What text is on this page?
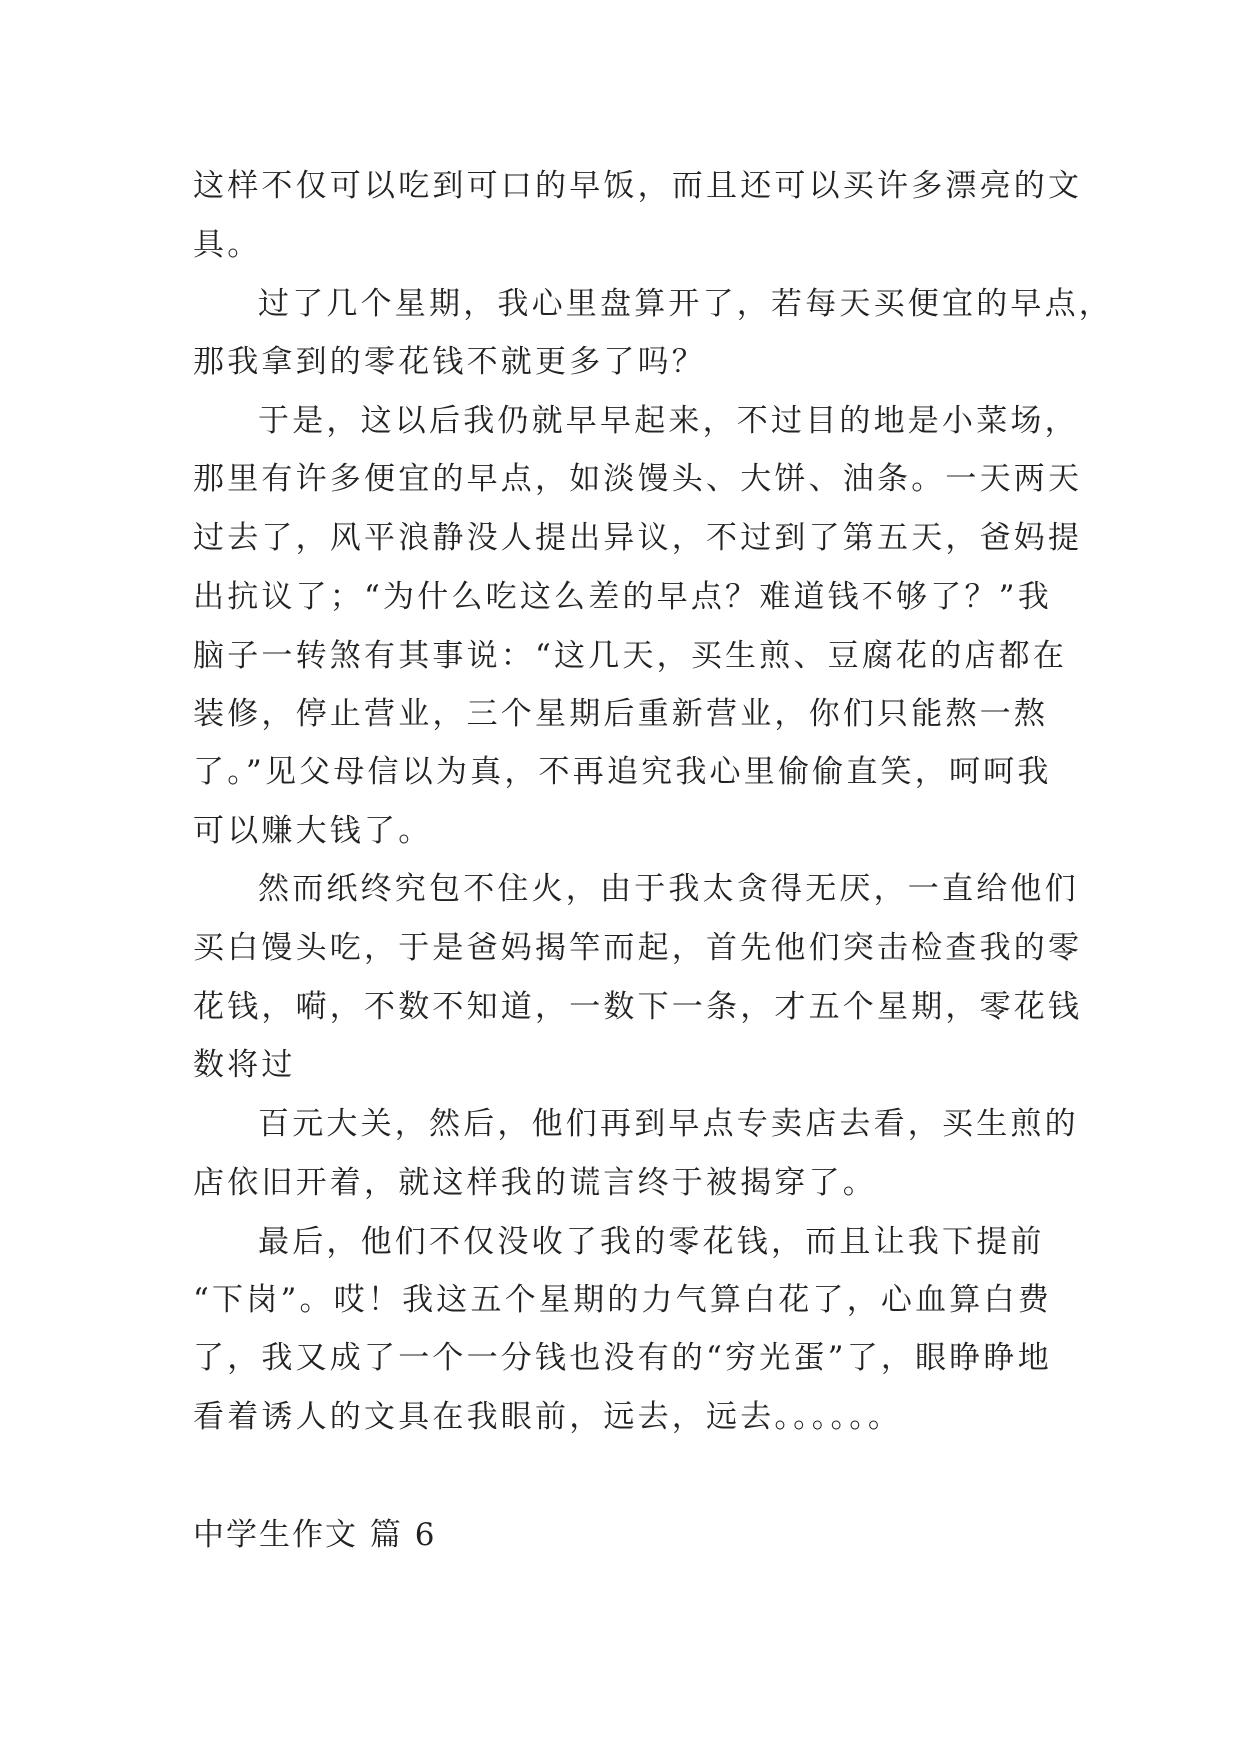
这样不仅可以吃到可口的早饭，而且还可以买许多漂亮的文
具。
过了几个星期，我心里盘算开了，若每天买便宜的早点，
那我拿到的零花钱不就更多了吗？
于是，这以后我仍就早早起来，不过目的地是小菜场，
那里有许多便宜的早点，如淡馒头、大饼、油条。一天两天
过去了，风平浪静没人提出异议，不过到了第五天，爸妈提
出抗议了；“为什么吃这么差的早点？难道钱不够了？”我
脑子一转煞有其事说：“这几天，买生煎、豆腐花的店都在
装修，停止营业，三个星期后重新营业，你们只能熬一熬
了。”见父母信以为真，不再追究我心里偷偷直笑，呵呵我
可以赚大钱了。
然而纸终究包不住火，由于我太贪得无厌，一直给他们
买白馒头吃，于是爸妈揭竿而起，首先他们突击检查我的零
花钱，嗬，不数不知道，一数下一条，才五个星期，零花钱
数将过
百元大关，然后，他们再到早点专卖店去看，买生煎的
店依旧开着，就这样我的谎言终于被揭穿了。
最后，他们不仅没收了我的零花钱，而且让我下提前
“下岗”。哎！我这五个星期的力气算白花了，心血算白费
了，我又成了一个一分钱也没有的“穷光蛋”了，眼睁睁地
看着诱人的文具在我眼前，远去，远去。。。。。。
中学生作文 篇 6
